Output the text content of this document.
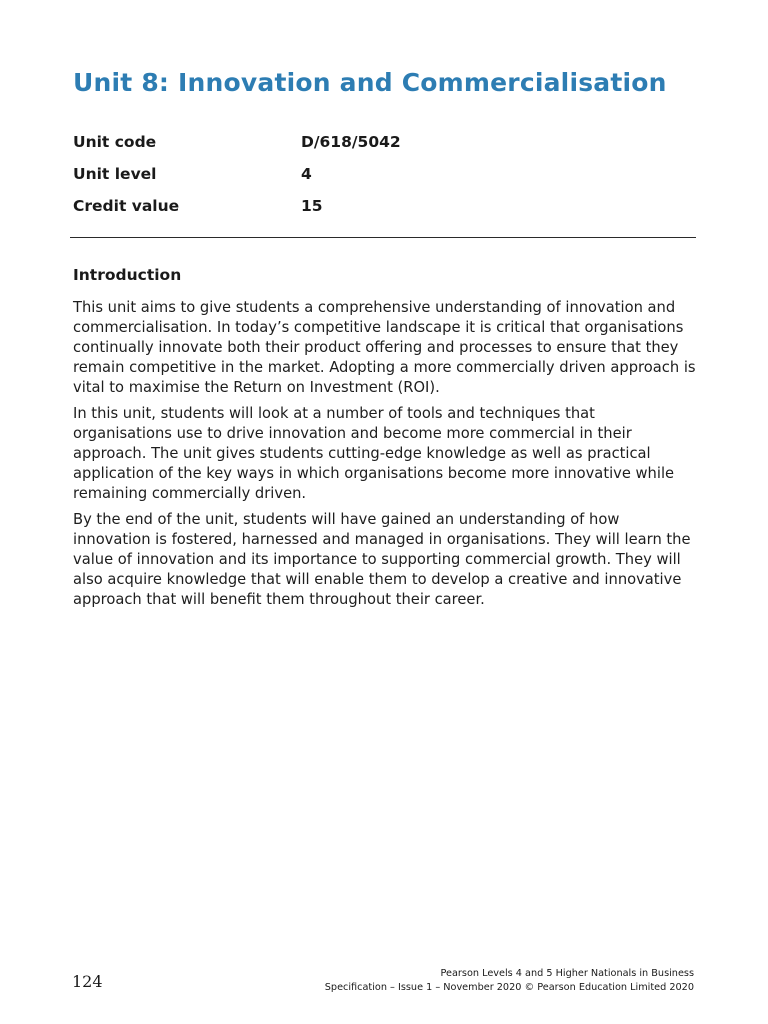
Unit 8: Innovation and Commercialisation
Unit code	D/618/5042
Unit level	4
Credit value	15
Introduction

This unit aims to give students a comprehensive understanding of innovation and commercialisation. In today’s competitive landscape it is critical that organisations continually innovate both their product offering and processes to ensure that they remain competitive in the market. Adopting a more commercially driven approach is vital to maximise the Return on Investment (ROI).

In this unit, students will look at a number of tools and techniques that organisations use to drive innovation and become more commercial in their approach. The unit gives students cutting-edge knowledge as well as practical application of the key ways in which organisations become more innovative while remaining commercially driven.

By the end of the unit, students will have gained an understanding of how innovation is fostered, harnessed and managed in organisations. They will learn the value of innovation and its importance to supporting commercial growth. They will also acquire knowledge that will enable them to develop a creative and innovative approach that will benefit them throughout their career.

124	Pearson Levels 4 and 5 Higher Nationals in Business
Specification – Issue 1 – November 2020 © Pearson Education Limited 2020
